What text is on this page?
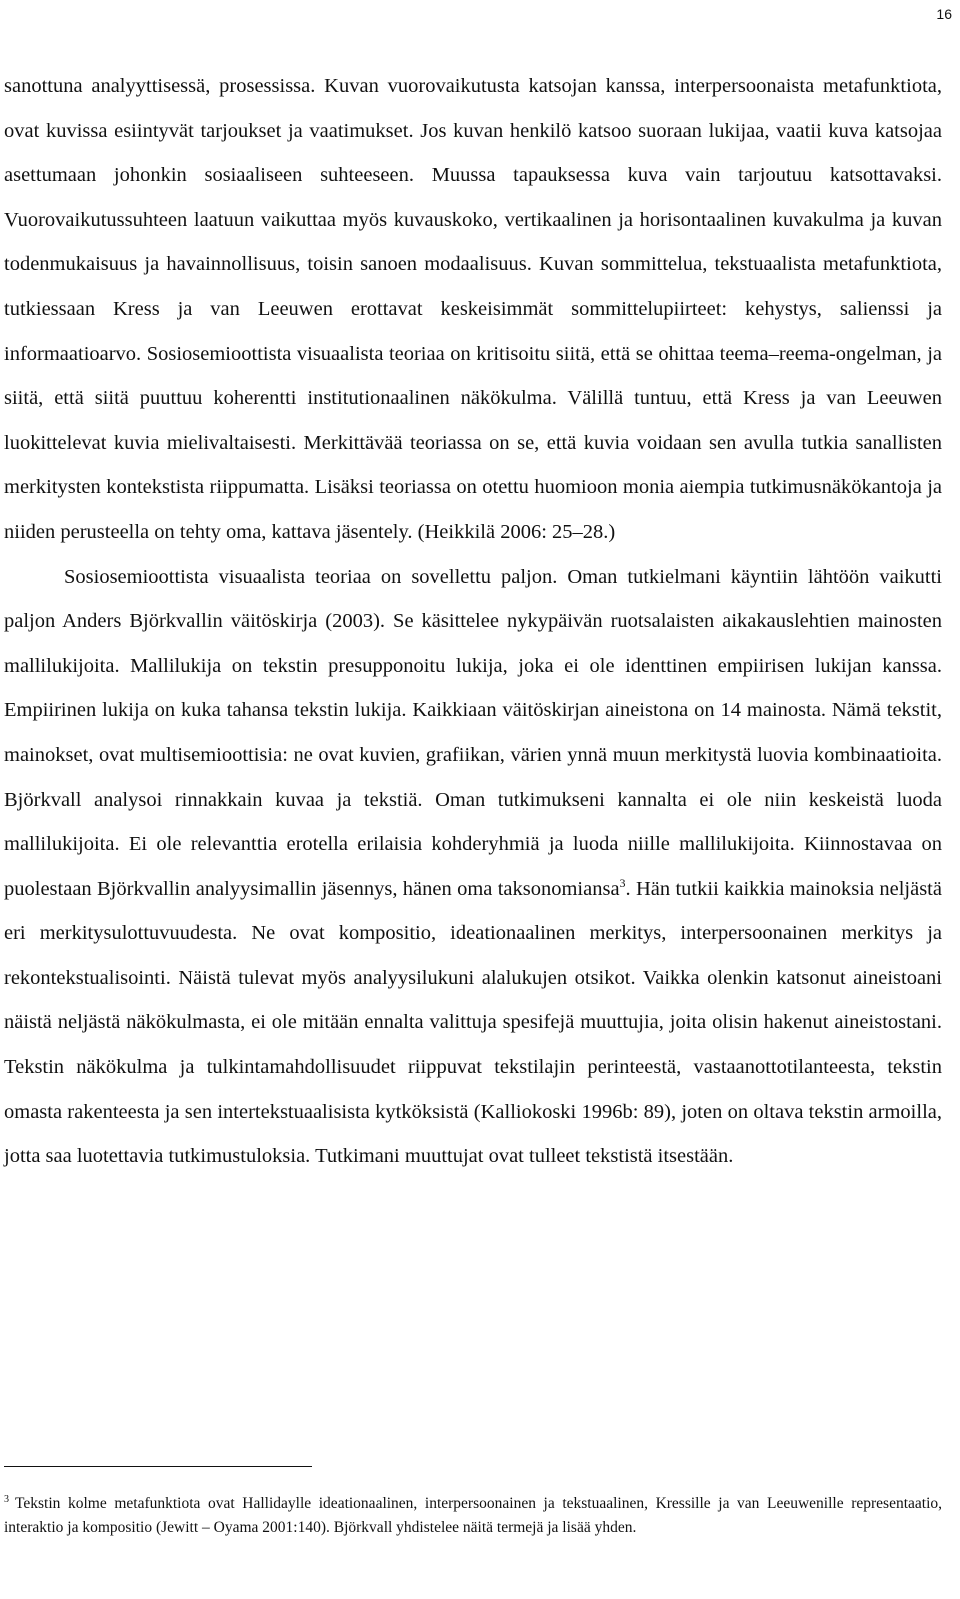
16

sanottuna analyyttisessä, prosessissa. Kuvan vuorovaikutusta katsojan kanssa, interpersoonaista metafunktiota, ovat kuvissa esiintyvät tarjoukset ja vaatimukset. Jos kuvan henkilö katsoo suoraan lukijaa, vaatii kuva katsojaa asettumaan johonkin sosiaaliseen suhteeseen. Muussa tapauksessa kuva vain tarjoutuu katsottavaksi. Vuorovaikutussuhteen laatuun vaikuttaa myös kuvauskoko, vertikaalinen ja horisontaalinen kuvakulma ja kuvan todenmukaisuus ja havainnollisuus, toisin sanoen modaalisuus. Kuvan sommittelua, tekstuaalista metafunktiota, tutkiessaan Kress ja van Leeuwen erottavat keskeisimmät sommittelupiirteet: kehystys, salienssi ja informaatioarvo. Sosiosemioottista visuaalista teoriaa on kritisoitu siitä, että se ohittaa teema–reema-ongelman, ja siitä, että siitä puuttuu koherentti institutionaalinen näkökulma. Välillä tuntuu, että Kress ja van Leeuwen luokittelevat kuvia mielivaltaisesti. Merkittävää teoriassa on se, että kuvia voidaan sen avulla tutkia sanallisten merkitysten kontekstista riippumatta. Lisäksi teoriassa on otettu huomioon monia aiempia tutkimusnäkökantoja ja niiden perusteella on tehty oma, kattava jäsentely. (Heikkilä 2006: 25–28.)

Sosiosemioottista visuaalista teoriaa on sovellettu paljon. Oman tutkielmani käyntiin lähtöön vaikutti paljon Anders Björkvallin väitöskirja (2003). Se käsittelee nykypäivän ruotsalaisten aikakauslehtien mainosten mallilukijoita. Mallilukija on tekstin presupponoitu lukija, joka ei ole identtinen empiirisen lukijan kanssa. Empiirinen lukija on kuka tahansa tekstin lukija. Kaikkiaan väitöskirjan aineistona on 14 mainosta. Nämä tekstit, mainokset, ovat multisemioottisia: ne ovat kuvien, grafiikan, värien ynnä muun merkitystä luovia kombinaatioita. Björkvall analysoi rinnakkain kuvaa ja tekstiä. Oman tutkimukseni kannalta ei ole niin keskeistä luoda mallilukijoita. Ei ole relevanttia erotella erilaisia kohderyhmiä ja luoda niille mallilukijoita. Kiinnostavaa on puolestaan Björkvallin analyysimallin jäsennys, hänen oma taksonomiansa$^3$. Hän tutkii kaikkia mainoksia neljästä eri merkitysulottuvuudesta. Ne ovat kompositio, ideationaalinen merkitys, interpersoonainen merkitys ja rekontekstualisointi. Näistä tulevat myös analyysilukuni alalukujen otsikot. Vaikka olenkin katsonut aineistoani näistä neljästä näkökulmasta, ei ole mitään ennalta valittuja spesifejä muuttujia, joita olisin hakenut aineistostani. Tekstin näkökulma ja tulkintamahdollisuudet riippuvat tekstilajin perinteestä, vastaanottotilanteesta, tekstin omasta rakenteesta ja sen intertekstuaalisista kytköksistä (Kalliokoski 1996b: 89), joten on oltava tekstin armoilla, jotta saa luotettavia tutkimustuloksia. Tutkimani muuttujat ovat tulleet tekstistä itsestään.

$^3$ Tekstin kolme metafunktiota ovat Hallidaylle ideationaalinen, interpersoonainen ja tekstuaalinen, Kressille ja van Leeuwenille representaatio, interaktio ja kompositio (Jewitt – Oyama 2001:140). Björkvall yhdistelee näitä termejä ja lisää yhden.
